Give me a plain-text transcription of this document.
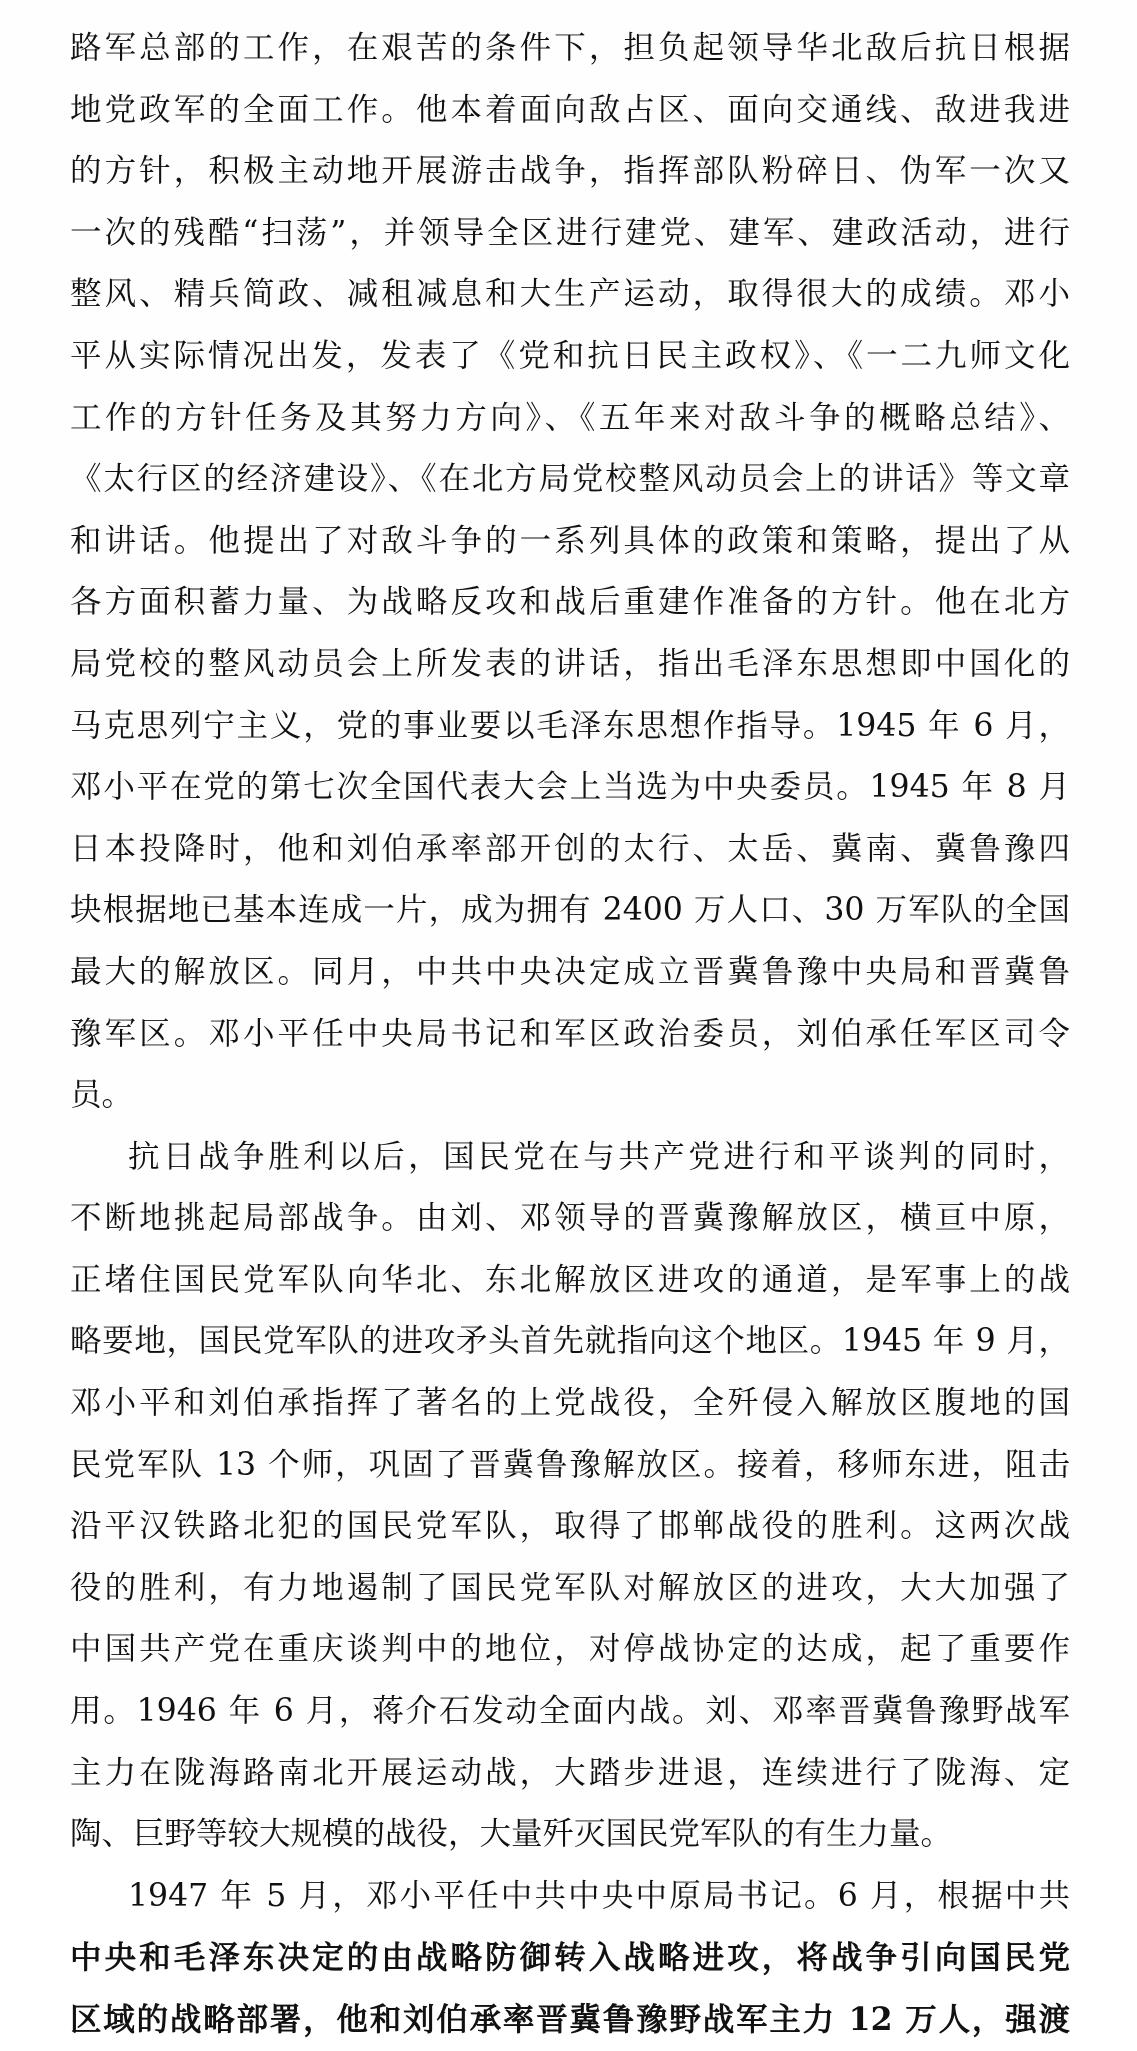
路军总部的工作，在艰苦的条件下，担负起领导华北敌后抗日根据
地党政军的全面工作。他本着面向敌占区、面向交通线、敌进我进
的方针，积极主动地开展游击战争，指挥部队粉碎日、伪军一次又
一次的残酷“扫荡”，并领导全区进行建党、建军、建政活动，进行
整风、精兵简政、减租减息和大生产运动，取得很大的成绩。邓小
平从实际情况出发，发表了《党和抗日民主政权》、《一二九师文化
工作的方针任务及其努力方向》、《五年来对敌斗争的概略总结》、
《太行区的经济建设》、《在北方局党校整风动员会上的讲话》等文章
和讲话。他提出了对敌斗争的一系列具体的政策和策略，提出了从
各方面积蓄力量、为战略反攻和战后重建作准备的方针。他在北方
局党校的整风动员会上所发表的讲话，指出毛泽东思想即中国化的
马克思列宁主义，党的事业要以毛泽东思想作指导。1945 年 6 月，
邓小平在党的第七次全国代表大会上当选为中央委员。1945 年 8 月
日本投降时，他和刘伯承率部开创的太行、太岳、冀南、冀鲁豫四
块根据地已基本连成一片，成为拥有 2400 万人口、30 万军队的全国
最大的解放区。同月，中共中央决定成立晋冀鲁豫中央局和晋冀鲁
豫军区。邓小平任中央局书记和军区政治委员，刘伯承任军区司令
员。
抗日战争胜利以后，国民党在与共产党进行和平谈判的同时，
不断地挑起局部战争。由刘、邓领导的晋冀豫解放区，横亘中原，
正堵住国民党军队向华北、东北解放区进攻的通道，是军事上的战
略要地，国民党军队的进攻矛头首先就指向这个地区。1945 年 9 月，
邓小平和刘伯承指挥了著名的上党战役，全歼侵入解放区腹地的国
民党军队 13 个师，巩固了晋冀鲁豫解放区。接着，移师东进，阻击
沿平汉铁路北犯的国民党军队，取得了邯郸战役的胜利。这两次战
役的胜利，有力地遏制了国民党军队对解放区的进攻，大大加强了
中国共产党在重庆谈判中的地位，对停战协定的达成，起了重要作
用。1946 年 6 月，蒋介石发动全面内战。刘、邓率晋冀鲁豫野战军
主力在陇海路南北开展运动战，大踏步进退，连续进行了陇海、定
陶、巨野等较大规模的战役，大量歼灭国民党军队的有生力量。
1947 年 5 月，邓小平任中共中央中原局书记。6 月，根据中共
中央和毛泽东决定的由战略防御转入战略进攻，将战争引向国民党
区域的战略部署，他和刘伯承率晋冀鲁豫野战军主力 12 万人，强渡
